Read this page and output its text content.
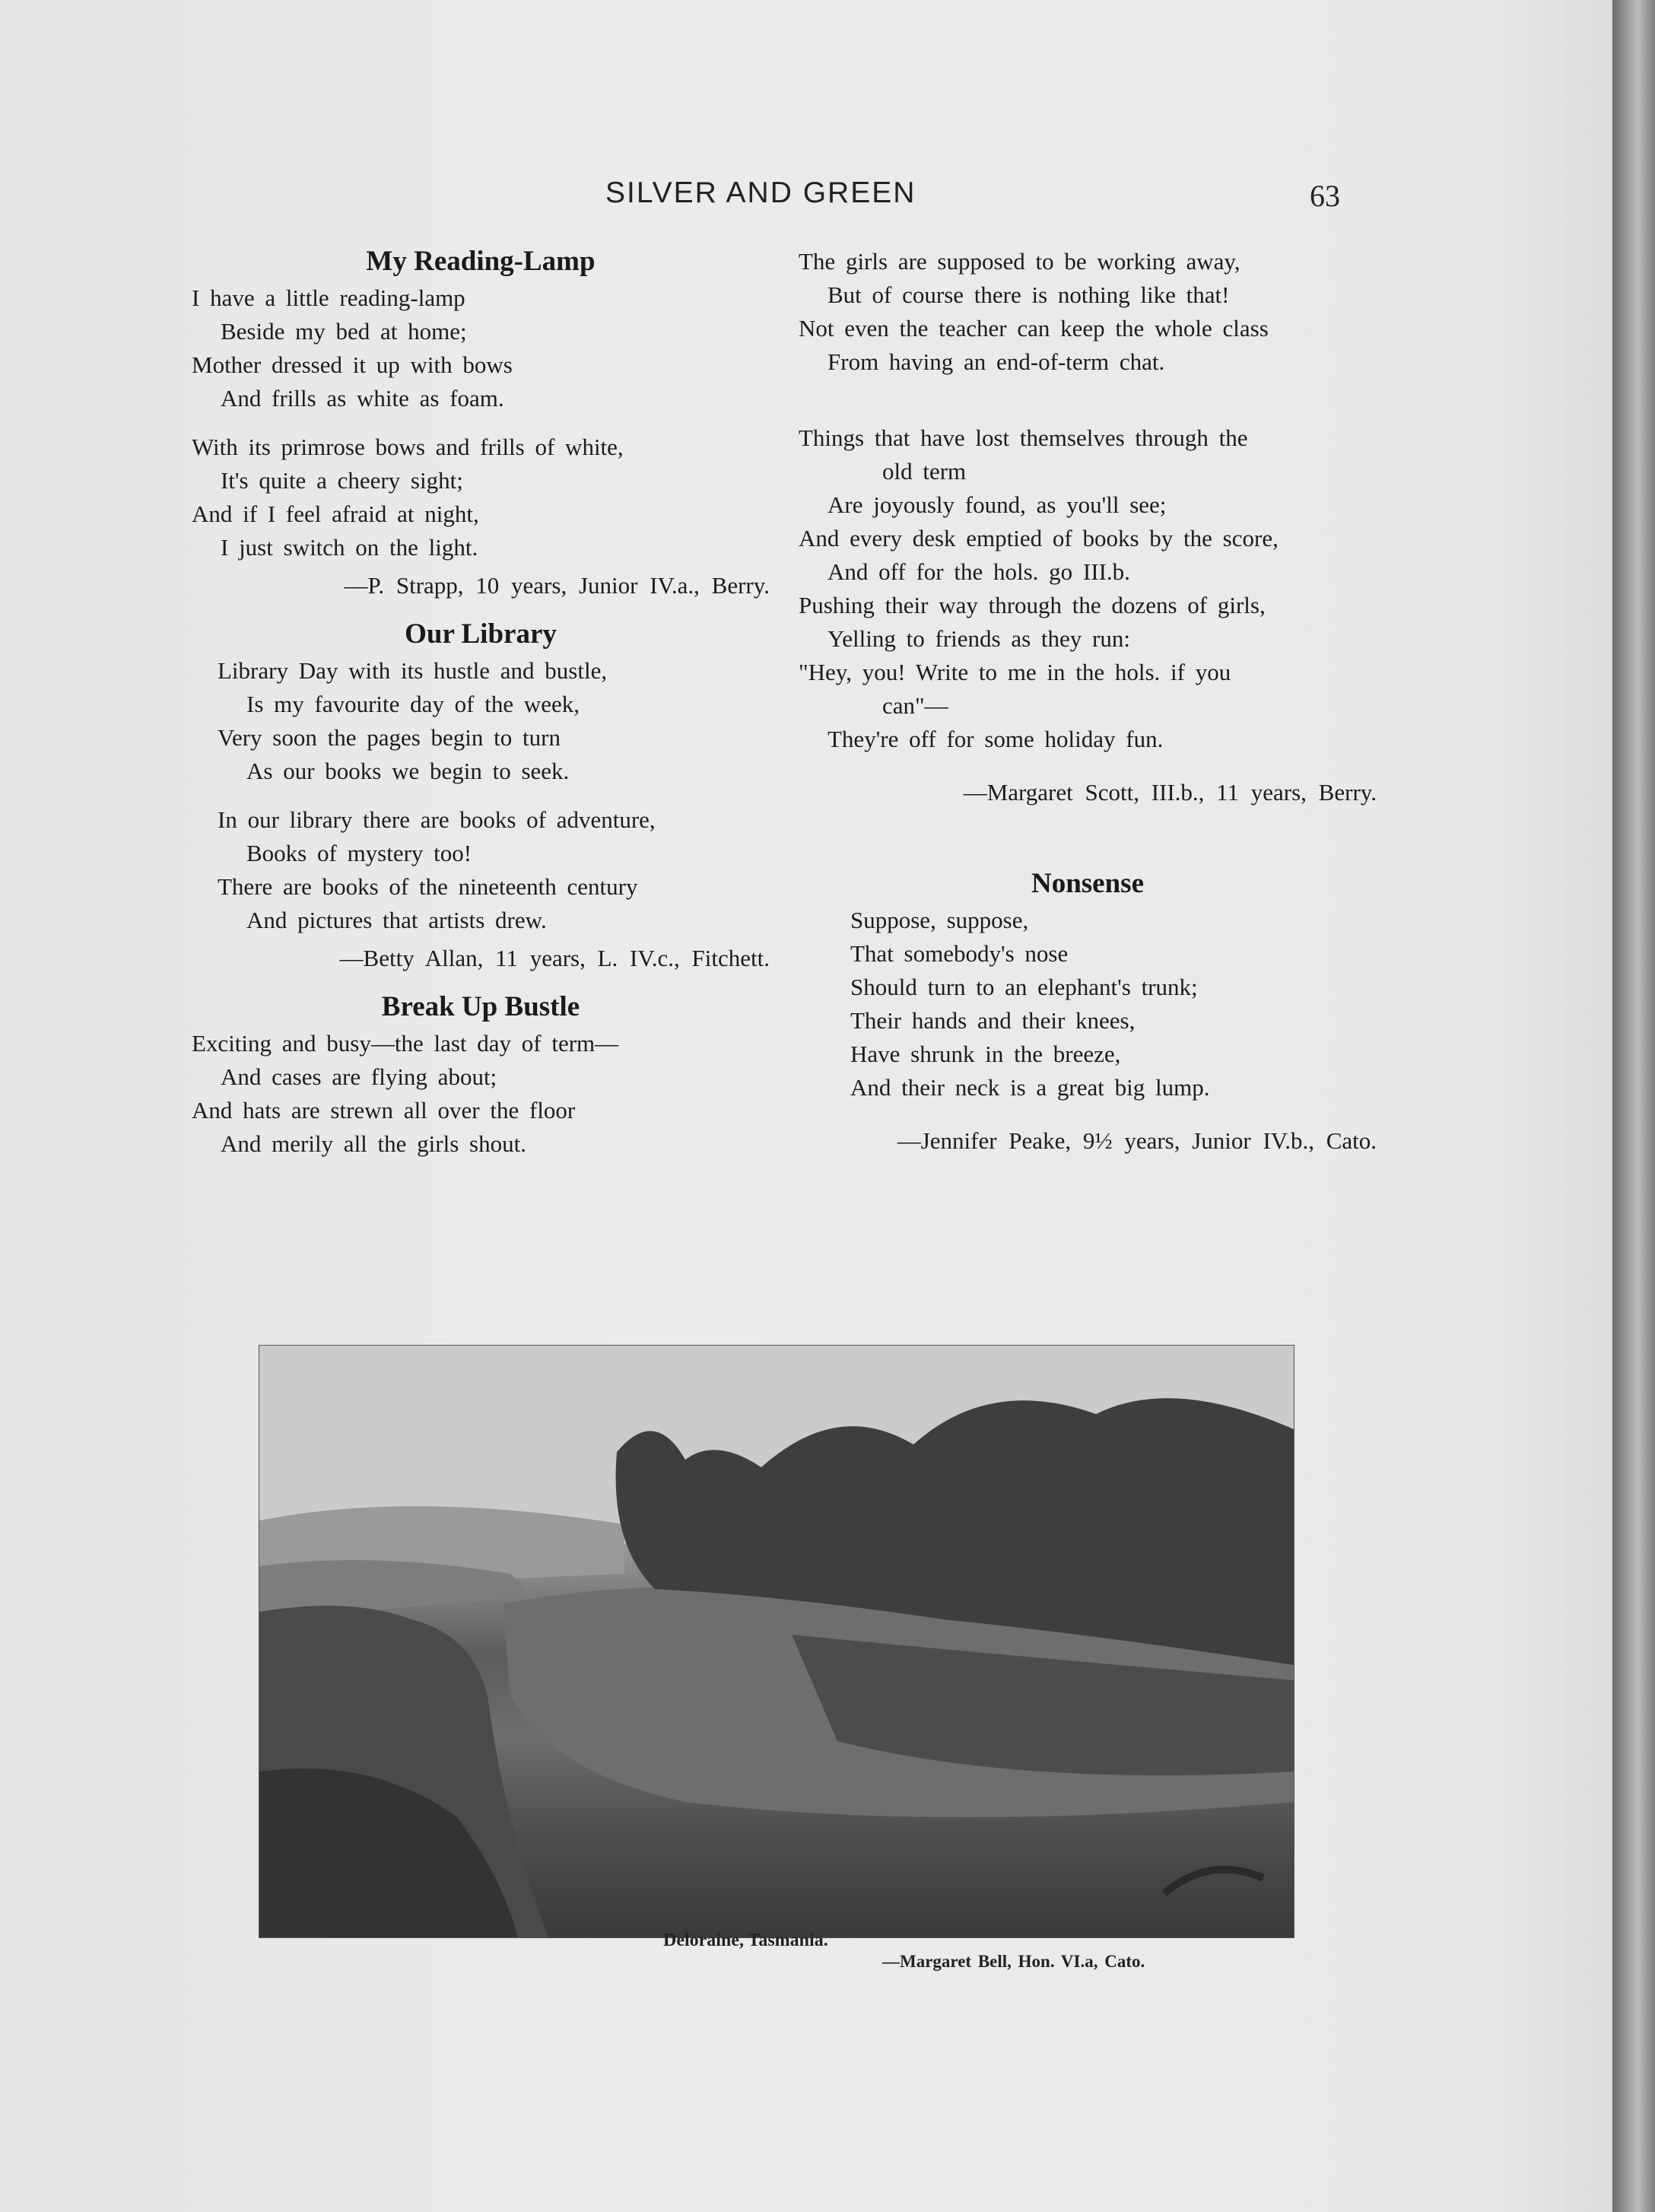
SILVER AND GREEN	63
My Reading-Lamp
I have a little reading-lamp
Beside my bed at home;
Mother dressed it up with bows
And frills as white as foam.
With its primrose bows and frills of white,
It's quite a cheery sight;
And if I feel afraid at night,
I just switch on the light.
—P. Strapp, 10 years, Junior IV.a., Berry.
Our Library
Library Day with its hustle and bustle,
Is my favourite day of the week,
Very soon the pages begin to turn
As our books we begin to seek.
In our library there are books of adventure,
Books of mystery too!
There are books of the nineteenth century
And pictures that artists drew.
—Betty Allan, 11 years, L. IV.c., Fitchett.
Break Up Bustle
Exciting and busy—the last day of term—
And cases are flying about;
And hats are strewn all over the floor
And merily all the girls shout.
The girls are supposed to be working away,
But of course there is nothing like that!
Not even the teacher can keep the whole class
From having an end-of-term chat.
Things that have lost themselves through the
old term
Are joyously found, as you'll see;
And every desk emptied of books by the score,
And off for the hols. go III.b.
Pushing their way through the dozens of girls,
Yelling to friends as they run:
"Hey, you! Write to me in the hols. if you
can"—
They're off for some holiday fun.
—Margaret Scott, III.b., 11 years, Berry.
Nonsense
Suppose, suppose,
That somebody's nose
Should turn to an elephant's trunk;
Their hands and their knees,
Have shrunk in the breeze,
And their neck is a great big lump.
—Jennifer Peake, 9½ years, Junior IV.b., Cato.
Deloraine, Tasmania.
—Margaret Bell, Hon. VI.a, Cato.
